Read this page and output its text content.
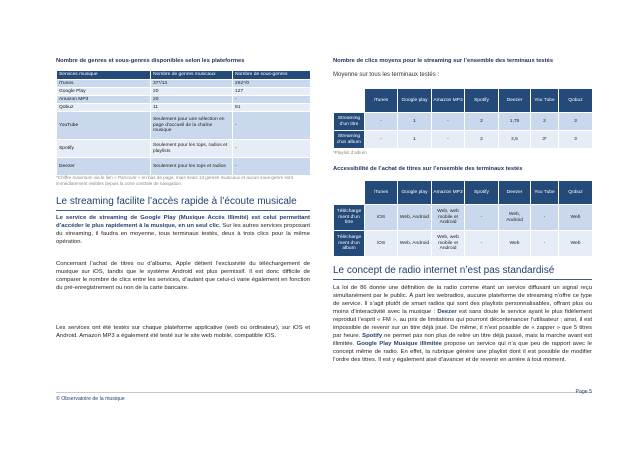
Nombre de genres et sous-genres disponibles selon les plateformes
Services musique	Nombre de genres musicaux	Nombre de sous-genres
iTunes	37*/13	262*/0
Google Play	20	127
Amazon MP3	20	-
Qobuz	11	81
YouTube	Seulement pour une sélection en page d’accueil de la chaîne musique	-
Spotify	Seulement pour les tops, radios et playlists	-
Deezer	Seulement pour les tops et radios	-
*Chiffre maximum via le lien « Parcourir » en bas de page, mais seuls 13 genres musicaux et aucun sous-genre sont immédiatement visibles depuis la zone centrale de navigation.
Le streaming facilite l’accès rapide à l’écoute musicale

Le service de streaming de Google Play (Musique Accès Illimité) est celui permettant d’accéder le plus rapidement à la musique, en un seul clic. Sur les autres services proposant du streaming, il faudra en moyenne, tous terminaux testés, deux à trois clics pour la même opération.

Concernant l’achat de titres ou d’albums, Apple détient l’exclusivité du téléchargement de musique sur iOS, tandis que le système Android est plus permissif. Il est donc difficile de comparer le nombre de clics entre les services, d’autant que celui-ci varie également en fonction du pré-enregistrement ou non de la carte bancaire.

Les services ont été testés sur chaque plateforme applicative (web ou ordinateur), sur iOS et Android. Amazon MP3 a également été testé sur le site web mobile, compatible iOS.

Nombre de clics moyens pour le streaming sur l’ensemble des terminaux testés
Moyenne sur tous les terminaux testés :
	iTunes	Google play	Amazon MP3	Spotify	Deezer	You Tube	Qobuz
Streaming d’un titre	-	1	-	2	1,75	2	3
Streaming d’un album	-	1	-	2	2,5	3*	3
*Playlist d’album
Accessibilité de l’achat de titres sur l’ensemble des terminaux testés
	iTunes	Google play	Amazon MP3	Spotify	Deezer	You Tube	Qobuz
Télécharge ment d’un titre	iOS	Web, Android	Web, web mobile et Android	-	Web, Android	-	Web
Télécharge ment d’un album	iOS	Web, Android	Web, web mobile et Android	-	Web	-	Web
Le concept de radio internet n’est pas standardisé

La loi de 86 donne une définition de la radio comme étant un service diffusant un signal reçu simultanément par le public. À part les webradios, aucune plateforme de streaming n’offre ce type de service. Il s’agit plutôt de smart radios qui sont des playlists personnalisables, offrant plus ou moins d’interactivité avec la musique : Deezer est sans doute le service ayant le plus fidèlement reproduit l’esprit « FM », au prix de limitations qui pourront décontenancer l’utilisateur ; ainsi, il est impossible de revenir sur un titre déjà joué. De même, il n’est possible de « zapper » que 5 titres par heure. Spotify ne permet pas non plus de relire un titre déjà passé, mais la marche avant est illimitée. Google Play Musique illimitée propose un service qui n’a que peu de rapport avec le concept même de radio. En effet, la rubrique génère une playlist dont il est possible de modifier l’ordre des titres. Il est y également aisé d’avancer et de revenir en arrière à tout moment.

© Observatoire de la musique
Page 5
